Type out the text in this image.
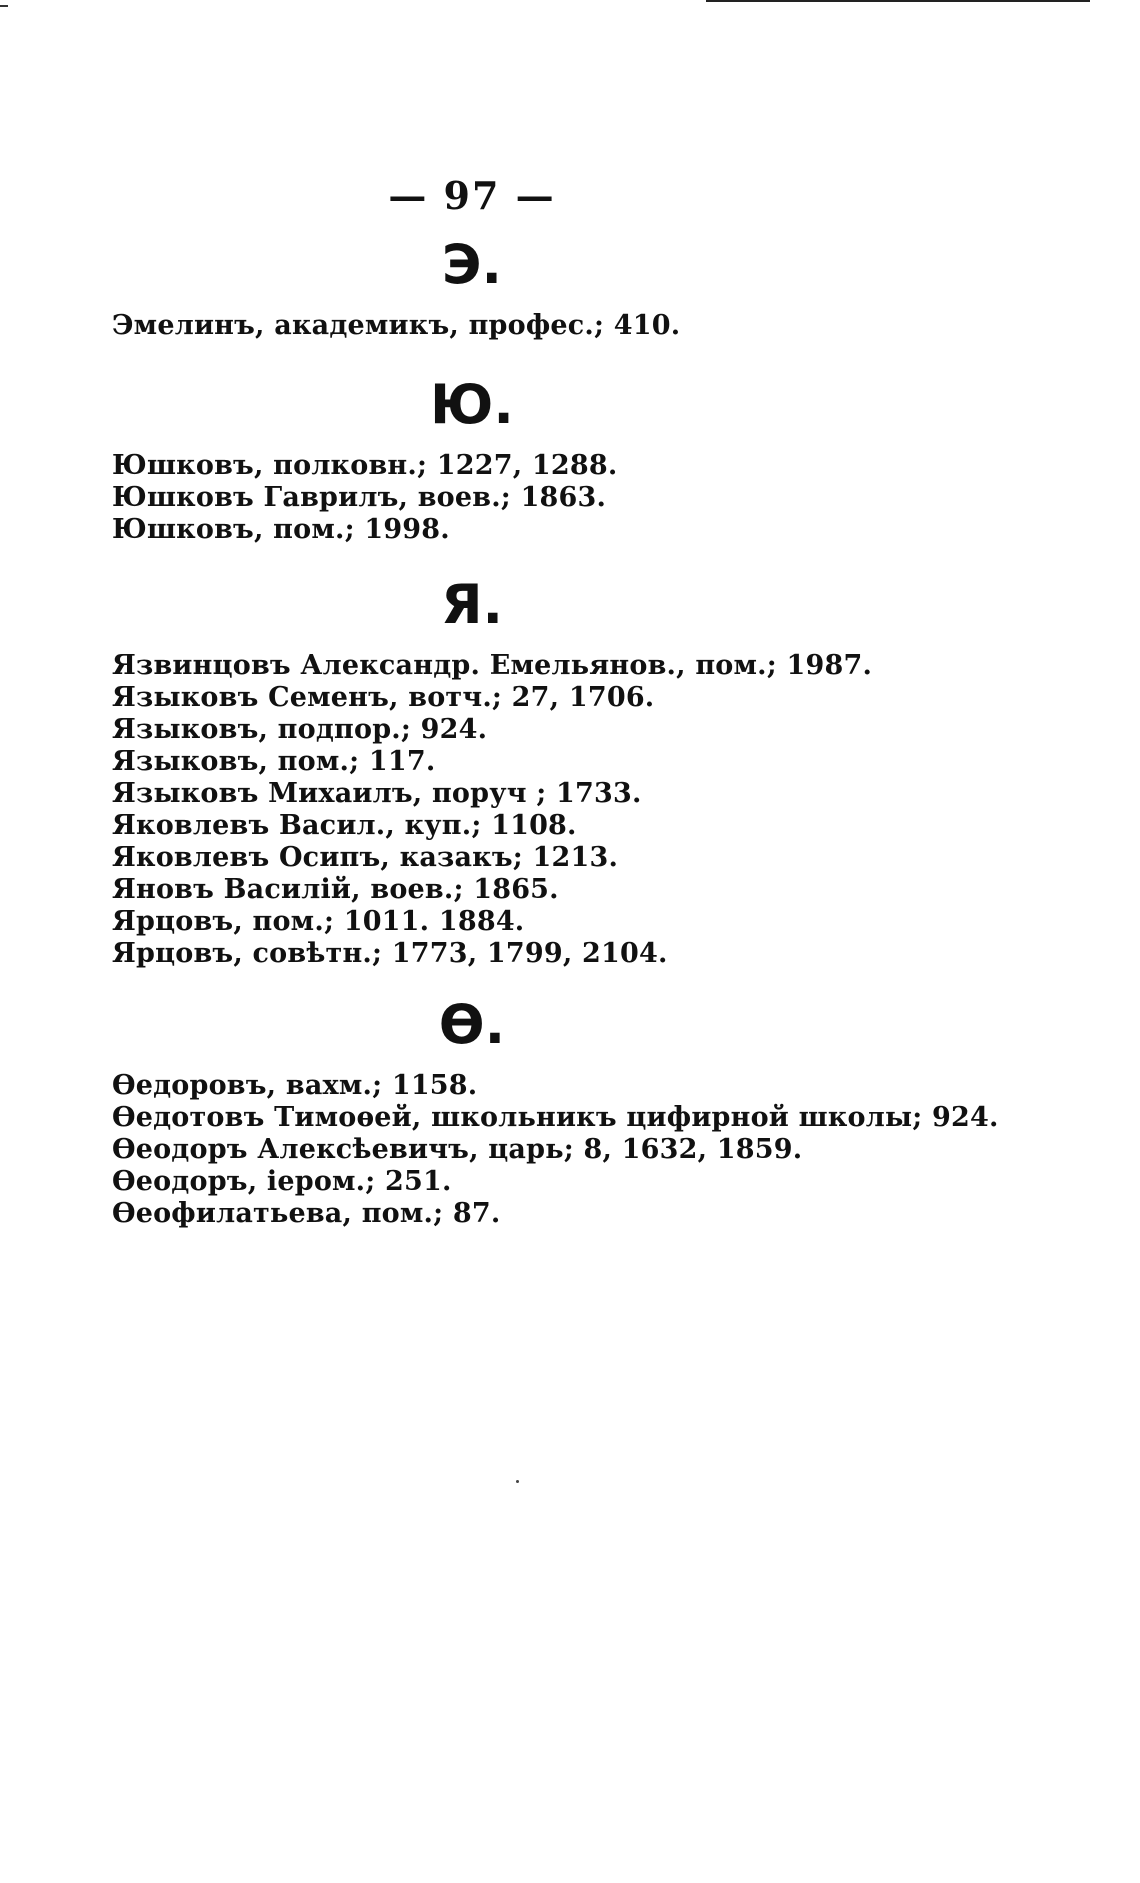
— 97 —
Э.
Эмелинъ, академикъ, профес.; 410.
Ю.
Юшковъ, полковн.; 1227, 1288.
Юшковъ Гаврилъ, воев.; 1863.
Юшковъ, пом.; 1998.
Я.
Язвинцовъ Александр. Емельянов., пом.; 1987.
Языковъ Семенъ, вотч.; 27, 1706.
Языковъ, подпор.; 924.
Языковъ, пом.; 117.
Языковъ Михаилъ, поруч ; 1733.
Яковлевъ Васил., куп.; 1108.
Яковлевъ Осипъ, казакъ; 1213.
Яновъ Василій, воев.; 1865.
Ярцовъ, пом.; 1011. 1884.
Ярцовъ, совѣтн.; 1773, 1799, 2104.
Ѳ.
Ѳедоровъ, вахм.; 1158.
Ѳедотовъ Тимоѳей, школьникъ цифирной школы; 924.
Ѳеодоръ Алексѣевичъ, царь; 8, 1632, 1859.
Ѳеодоръ, іером.; 251.
Ѳеофилатьева, пом.; 87.
